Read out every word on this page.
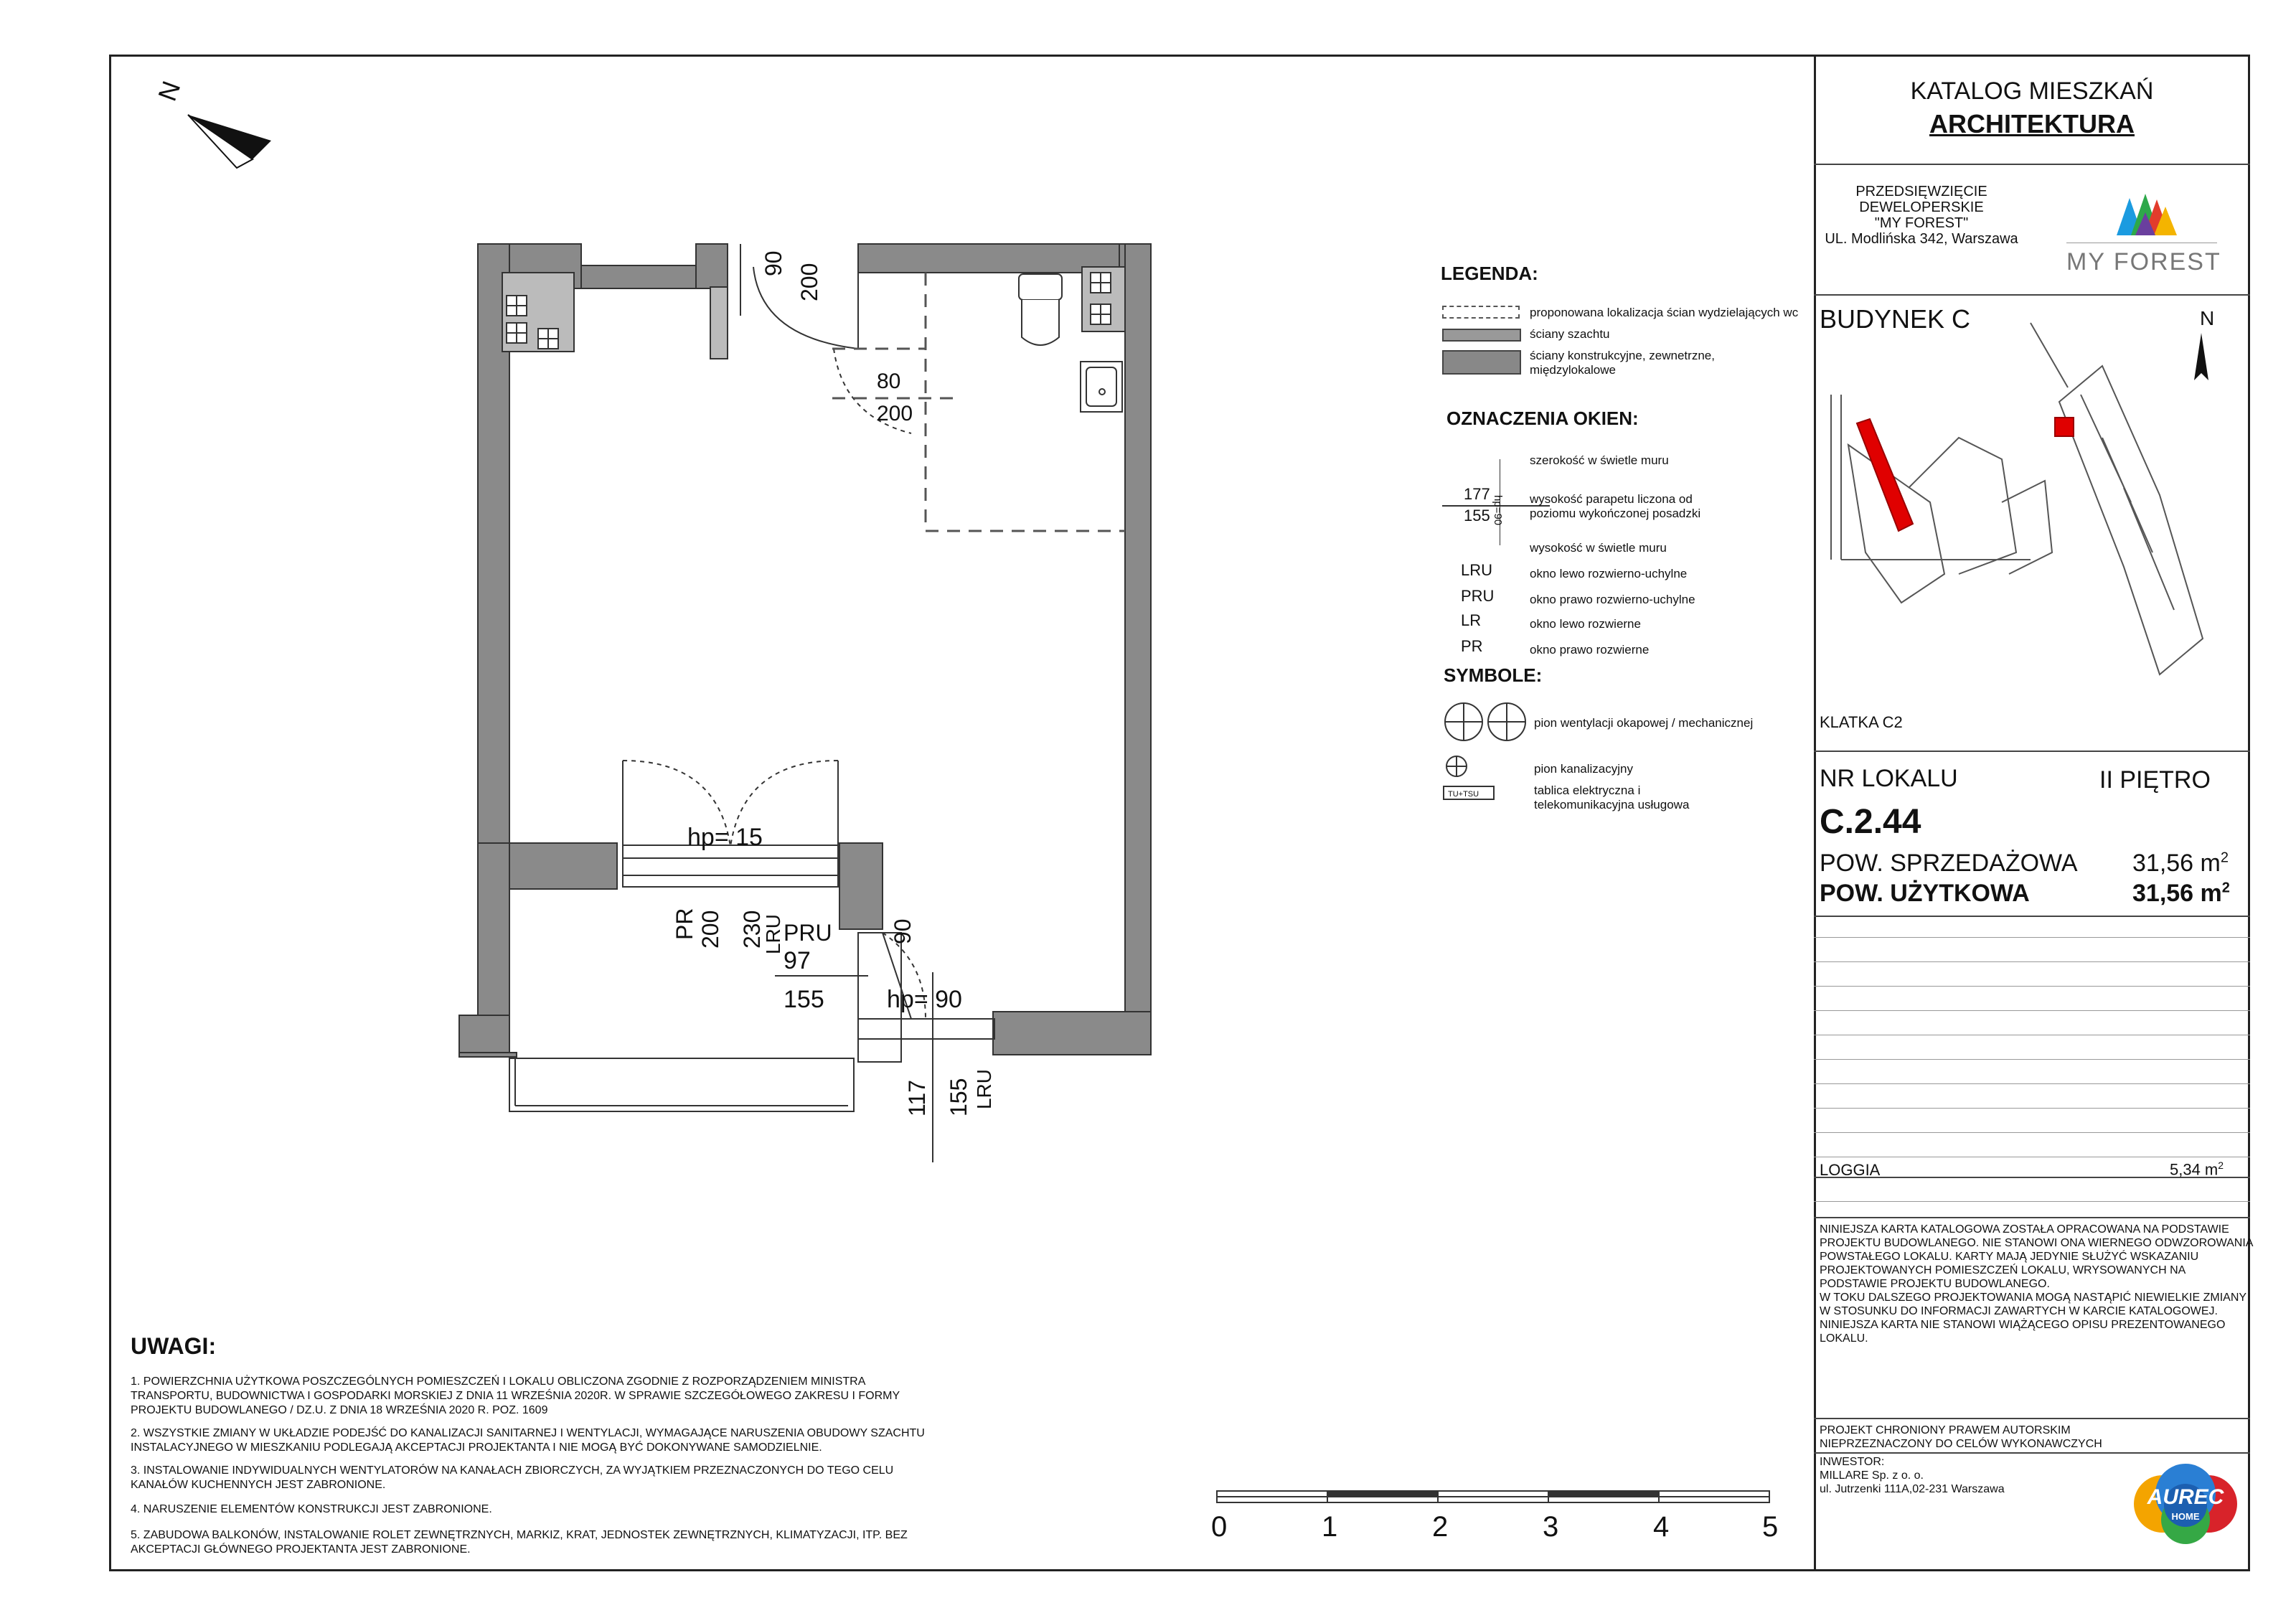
90 200
80
200
hp= 15
PR 200 230
LRU PRU	90
97
155	hp= 90
117 155 LRU
N
LEGENDA:
proponowana lokalizacja ścian wydzielających wc
ściany szachtu
ściany konstrukcyjne, zewnetrzne,
międzylokalowe
OZNACZENIA OKIEN:
szerokość w świetle muru
177
155 hp=90 wysokość parapetu liczona od
poziomu wykończonej posadzki
wysokość w świetle muru
LRU	okno lewo rozwierno-uchylne
PRU	okno prawo rozwierno-uchylne
LR	okno lewo rozwierne
PR	okno prawo rozwierne
SYMBOLE:
pion wentylacji okapowej / mechanicznej
pion kanalizacyjny
TU+TSU	tablica elektryczna i
telekomunikacyjna usługowa
UWAGI:
1. POWIERZCHNIA UŻYTKOWA POSZCZEGÓLNYCH POMIESZCZEŃ I LOKALU OBLICZONA ZGODNIE Z ROZPORZĄDZENIEM MINISTRA TRANSPORTU, BUDOWNICTWA I GOSPODARKI MORSKIEJ Z DNIA 11 WRZEŚNIA 2020R. W SPRAWIE SZCZEGÓŁOWEGO ZAKRESU I FORMY PROJEKTU BUDOWLANEGO / DZ.U. Z DNIA 18 WRZEŚNIA 2020 R. POZ. 1609
2. WSZYSTKIE ZMIANY W UKŁADZIE PODEJŚĆ DO KANALIZACJI SANITARNEJ I WENTYLACJI, WYMAGAJĄCE NARUSZENIA OBUDOWY SZACHTU INSTALACYJNEGO W MIESZKANIU PODLEGAJĄ AKCEPTACJI PROJEKTANTA I NIE MOGĄ BYĆ DOKONYWANE SAMODZIELNIE.
3. INSTALOWANIE INDYWIDUALNYCH WENTYLATORÓW NA KANAŁACH ZBIORCZYCH, ZA WYJĄTKIEM PRZEZNACZONYCH DO TEGO CELU KANAŁÓW KUCHENNYCH JEST ZABRONIONE.
4. NARUSZENIE ELEMENTÓW KONSTRUKCJI JEST ZABRONIONE.
5. ZABUDOWA BALKONÓW, INSTALOWANIE ROLET ZEWNĘTRZNYCH, MARKIZ, KRAT, JEDNOSTEK ZEWNĘTRZNYCH, KLIMATYZACJI, ITP. BEZ AKCEPTACJI GŁÓWNEGO PROJEKTANTA JEST ZABRONIONE.
0	1	2	3	4	5
KATALOG MIESZKAŃ
ARCHITEKTURA
PRZEDSIĘWZIĘCIE
DEWELOPERSKIE
"MY FOREST"
UL. Modlińska 342, Warszawa
MY FOREST
BUDYNEK C	N
KLATKA C2
NR LOKALU	II PIĘTRO
C.2.44
POW. SPRZEDAŻOWA 31,56 $m^2$
POW. UŻYTKOWA	31,56 $m^2$
LOGGIA	5,34 $m^2$
NINIEJSZA KARTA KATALOGOWA ZOSTAŁA OPRACOWANA NA PODSTAWIE
PROJEKTU BUDOWLANEGO. NIE STANOWI ONA WIERNEGO ODWZOROWANIA
POWSTAŁEGO LOKALU. KARTY MAJĄ JEDYNIE SŁUŻYĆ WSKAZANIU
PROJEKTOWANYCH POMIESZCZEŃ LOKALU, WRYSOWANYCH NA
PODSTAWIE PROJEKTU BUDOWLANEGO.
W TOKU DALSZEGO PROJEKTOWANIA MOGĄ NASTĄPIĆ NIEWIELKIE ZMIANY
W STOSUNKU DO INFORMACJI ZAWARTYCH W KARCIE KATALOGOWEJ.
NINIEJSZA KARTA NIE STANOWI WIĄŻĄCEGO OPISU PREZENTOWANEGO
LOKALU.
PROJEKT CHRONIONY PRAWEM AUTORSKIM
NIEPRZEZNACZONY DO CELÓW WYKONAWCZYCH
INWESTOR:
MILLARE Sp. z o. o.
ul. Jutrzenki 111A,02-231 Warszawa	AUREC
HOME
